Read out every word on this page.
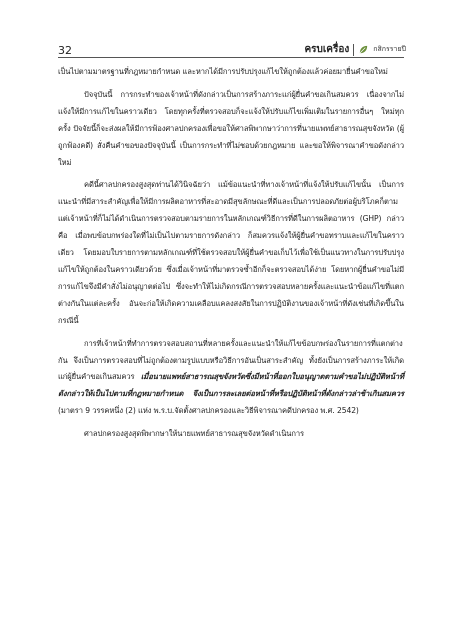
32	ครบเครื่อง	กสิกรรายปี

เป็นไปตามมาตรฐานที่กฎหมายกำหนด และหากได้มีการปรับปรุงแก้ไขให้ถูกต้องแล้วค่อยมายื่นคำขอใหม่

ปัจจุบันนี้ การกระทำของเจ้าหน้าที่ดังกล่าวเป็นการสร้างภาระแก่ผู้ยื่นคำขอเกินสมควร เนื่องจากไม่แจ้งให้มีการแก้ไขในคราวเดียว โดยทุกครั้งที่ตรวจสอบก็จะแจ้งให้ปรับแก้ไขเพิ่มเติมในรายการอื่นๆ ใหม่ทุกครั้ง ปัจจัยนี้ก็จะส่งผลให้มีการฟ้องศาลปกครองเพื่อขอให้ศาลพิพากษาว่าการที่นายแพทย์สาธารณสุขจังหวัด (ผู้ถูกฟ้องคดี) สั่งคืนคำขอของปัจจุบันนี้ เป็นการกระทำที่ไม่ชอบด้วยกฎหมาย และขอให้พิจารณาคำขอดังกล่าวใหม่

คดีนี้ศาลปกครองสูงสุดท่านได้วินิจฉัยว่า แม้ข้อแนะนำที่ทางเจ้าหน้าที่แจ้งให้ปรับแก้ไขนั้น เป็นการแนะนำที่มีสาระสำคัญเพื่อให้มีการผลิตอาหารที่สะอาดมีสุขลักษณะที่ดีและเป็นการปลอดภัยต่อผู้บริโภคก็ตาม แต่เจ้าหน้าที่ก็ไม่ได้ดำเนินการตรวจสอบตามรายการในหลักเกณฑ์วิธีการที่ดีในการผลิตอาหาร (GHP) กล่าวคือ เมื่อพบข้อบกพร่องใดที่ไม่เป็นไปตามรายการดังกล่าว ก็สมควรแจ้งให้ผู้ยื่นคำขอทราบและแก้ไขในคราวเดียว โดยมอบใบรายการตามหลักเกณฑ์ที่ใช้ตรวจสอบให้ผู้ยื่นคำขอเก็บไว้เพื่อใช้เป็นแนวทางในการปรับปรุงแก้ไขให้ถูกต้องในคราวเดียวด้วย ซึ่งเมื่อเจ้าหน้าที่มาตรวจซ้ำอีกก็จะตรวจสอบได้ง่าย โดยหากผู้ยื่นคำขอไม่มีการแก้ไขจึงมีคำสั่งไม่อนุญาตต่อไป ซึ่งจะทำให้ไม่เกิดกรณีการตรวจสอบหลายครั้งและแนะนำข้อแก้ไขที่แตกต่างกันในแต่ละครั้ง อันจะก่อให้เกิดความเคลือบแคลงสงสัยในการปฏิบัติงานของเจ้าหน้าที่ดังเช่นที่เกิดขึ้นในกรณีนี้

การที่เจ้าหน้าที่ทำการตรวจสอบสถานที่หลายครั้งและแนะนำให้แก้ไขข้อบกพร่องในรายการที่แตกต่างกัน จึงเป็นการตรวจสอบที่ไม่ถูกต้องตามรูปแบบหรือวิธีการอันเป็นสาระสำคัญ ทั้งยังเป็นการสร้างภาระให้เกิดแก่ผู้ยื่นคำขอเกินสมควร เมื่อนายแพทย์สาธารณสุขจังหวัดซึ่งมีหน้าที่ออกใบอนุญาตตามคำขอไม่ปฏิบัติหน้าที่ดังกล่าวให้เป็นไปตามที่กฎหมายกำหนด จึงเป็นการละเลยต่อหน้าที่หรือปฏิบัติหน้าที่ดังกล่าวล่าช้าเกินสมควร (มาตรา 9 วรรคหนึ่ง (2) แห่ง พ.ร.บ.จัดตั้งศาลปกครองและวิธีพิจารณาคดีปกครอง พ.ศ. 2542)

ศาลปกครองสูงสุดพิพากษาให้นายแพทย์สาธารณสุขจังหวัดดำเนินการ
